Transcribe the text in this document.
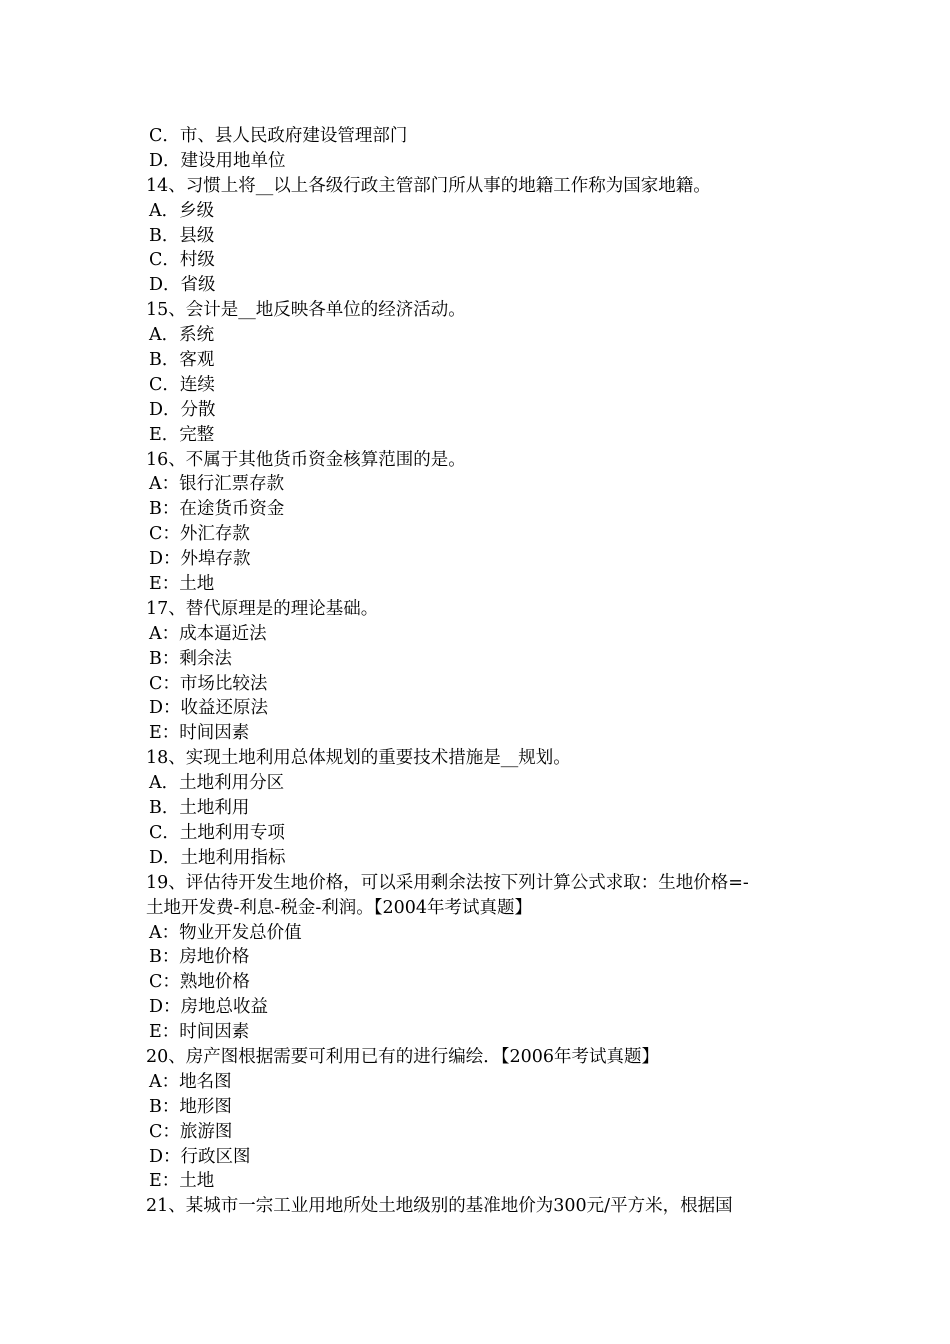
C．市、县人民政府建设管理部门
D．建设用地单位
14、习惯上将__以上各级行政主管部门所从事的地籍工作称为国家地籍。
A．乡级
B．县级
C．村级
D．省级
15、会计是__地反映各单位的经济活动。
A．系统
B．客观
C．连续
D．分散
E．完整
16、不属于其他货币资金核算范围的是。
A：银行汇票存款
B：在途货币资金
C：外汇存款
D：外埠存款
E：土地
17、替代原理是的理论基础。
A：成本逼近法
B：剩余法
C：市场比较法
D：收益还原法
E：时间因素
18、实现土地利用总体规划的重要技术措施是__规划。
A．土地利用分区
B．土地利用
C．土地利用专项
D．土地利用指标
19、评估待开发生地价格，可以采用剩余法按下列计算公式求取：生地价格=-
土地开发费-利息-税金-利润。【2004年考试真题】
A：物业开发总价值
B：房地价格
C：熟地价格
D：房地总收益
E：时间因素
20、房产图根据需要可利用已有的进行编绘．【2006年考试真题】
A：地名图
B：地形图
C：旅游图
D：行政区图
E：土地
21、某城市一宗工业用地所处土地级别的基准地价为300元/平方米，根据国
